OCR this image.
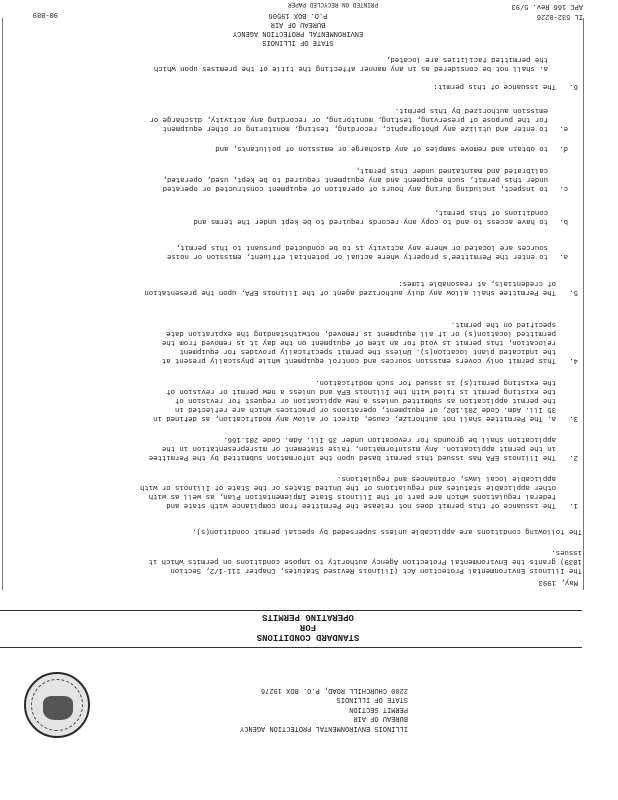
ILLINOIS ENVIRONMENTAL PROTECTION AGENCY
BUREAU OF AIR
PERMIT SECTION
STATE OF ILLINOIS
2200 CHURCHILL ROAD, P.O. BOX 19276
STANDARD CONDITIONS
FOR
OPERATING PERMITS
May, 1993
The Illinois Environmental Protection Act (Illinois Revised Statutes, Chapter 111-1/2, Section
1039) grants the Environmental Protection Agency authority to impose conditions on permits which it
issues.
The following conditions are applicable unless superseded by special permit condition(s).
1.
The issuance of this permit does not release the Permittee from compliance with state and
federal regulations which are part of the Illinois State Implementation Plan, as well as with
other applicable statutes and regulations of the United States or the State of Illinois or with
applicable local laws, ordinances and regulations.
2.
The Illinois EPA has issued this permit based upon the information submitted by the Permittee
in the permit application. Any misinformation, false statement or misrepresentation in the
application shall be grounds for revocation under 35 Ill. Adm. Code 201.166.
3.
a. The Permittee shall not authorize, cause, direct or allow any modification, as defined in
35 Ill. Adm. Code 201.102, of equipment, operations or practices which are reflected in
the permit application as submitted unless a new application or request for revision of
the existing permit is filed with the Illinois EPA and unless a new permit or revision of
the existing permit(s) is issued for such modification.
4.
This permit only covers emission sources and control equipment while physically present at
the indicated plant location(s). Unless the permit specifically provides for equipment
relocation, this permit is void for an item of equipment on the day it is removed from the
permitted location(s) or if all equipment is removed, notwithstanding the expiration date
specified on the permit.
5.
The Permittee shall allow any duly authorized agent of the Illinois EPA, upon the presentation
of credentials, at reasonable times:
a.
to enter the Permittee's property where actual or potential effluent, emission or noise
sources are located or where any activity is to be conducted pursuant to this permit,
b.
to have access to and to copy any records required to be kept under the terms and
conditions of this permit,
c.
to inspect, including during any hours of operation of equipment constructed or operated
under this permit, such equipment and any equipment required to be kept, used, operated,
calibrated and maintained under this permit,
d.
to obtain and remove samples of any discharge or emission of pollutants, and
e.
to enter and utilize any photographic, recording, testing, monitoring or other equipment
for the purpose of preserving, testing, monitoring, or recording any activity, discharge or
emission authorized by this permit.
6.
The issuance of this permit:
a. shall not be considered as in any manner affecting the title of the premises upon which
the permitted facilities are located,
STATE OF ILLINOIS
ENVIRONMENTAL PROTECTION AGENCY
BUREAU OF AIR
P.O. BOX 19506	IL 532-0226
APC 166 Rev. 5/93
90-889
PRINTED ON RECYCLED PAPER
